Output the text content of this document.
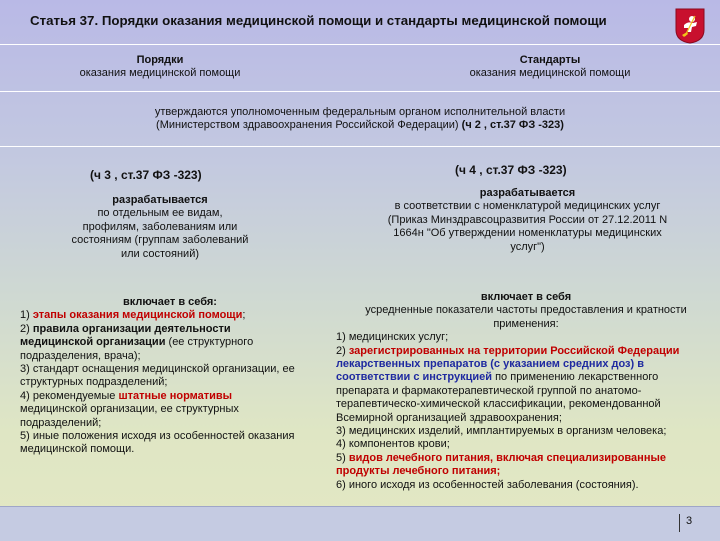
Статья 37. Порядки оказания медицинской помощи и стандарты медицинской помощи
Порядки
оказания медицинской помощи
Стандарты
оказания медицинской помощи
утверждаются уполномоченным федеральным органом исполнительной власти
(Министерством здравоохранения Российской Федерации) (ч 2 , ст.37 ФЗ -323)
(ч 3 , ст.37 ФЗ -323)	(ч 4 , ст.37 ФЗ -323)
разрабатывается
по отдельным ее видам,
профилям, заболеваниям или
состояниям (группам заболеваний
или состояний)
разрабатывается
в соответствии с номенклатурой медицинских услуг
(Приказ Минздравсоцразвития России от 27.12.2011 N
1664н "Об утверждении номенклатуры медицинских
услуг")
включает в себя:
1) этапы оказания медицинской помощи;
2) правила организации деятельности
медицинской организации (ее структурного
подразделения, врача);
3) стандарт оснащения медицинской организации, ее
структурных подразделений;
4) рекомендуемые штатные нормативы
медицинской организации, ее структурных
подразделений;
5) иные положения исходя из особенностей оказания
медицинской помощи.
включает в себя
усредненные показатели частоты предоставления и кратности
применения:
1) медицинских услуг;
2) зарегистрированных на территории Российской Федерации
лекарственных препаратов (с указанием средних доз) в
соответствии с инструкцией по применению лекарственного
препарата и фармакотерапевтической группой по анатомо-
терапевтическо-химической классификации, рекомендованной
Всемирной организацией здравоохранения;
3) медицинских изделий, имплантируемых в организм человека;
4) компонентов крови;
5) видов лечебного питания, включая специализированные
продукты лечебного питания;
6) иного исходя из особенностей заболевания (состояния).
3
